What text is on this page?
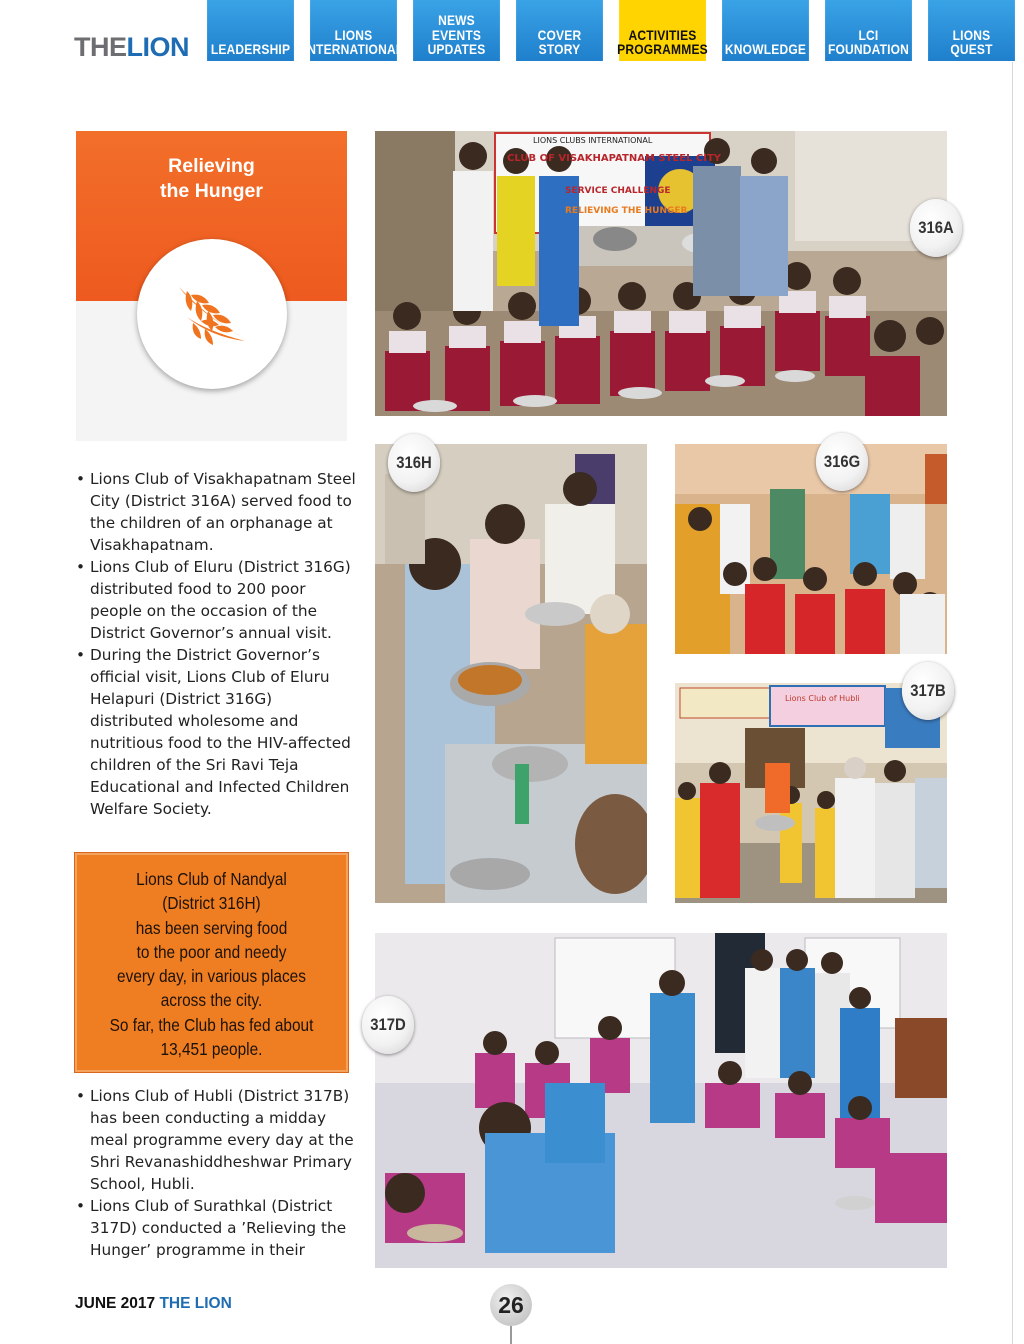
THELION LEADERSHIP
LIONS
INTERNATIONAL
NEWS
EVENTS
UPDATES
COVER STORY
ACTIVITIES
PROGRAMMES KNOWLEDGE
LCI
FOUNDATION
LIONS
QUEST
Relieving
the Hunger
• Lions Club of Visakhapatnam Steel City (District 316A) served food to the children of an orphanage at Visakhapatnam.
• Lions Club of Eluru (District 316G) distributed food to 200 poor people on the occasion of the District Governor’s annual visit.
• During the District Governor’s official visit, Lions Club of Eluru Helapuri (District 316G) distributed wholesome and nutritious food to the HIV-affected children of the Sri Ravi Teja Educational and Infected Children Welfare Society.
Lions Club of Nandyal
(District 316H)
has been serving food
to the poor and needy
every day, in various places
across the city.
So far, the Club has fed about
13,451 people.
• Lions Club of Hubli (District 317B) has been conducting a midday meal programme every day at the Shri Revanashiddheshwar Primary School, Hubli.
• Lions Club of Surathkal (District 317D) conducted a ’Relieving the Hunger’ programme in their
LIONS CLUBS INTERNATIONAL
CLUB OF VISAKHAPATNAM STEEL CITY
SERVICE CHALLENGE
RELIEVING THE HUNGER
316A
316H	316G
Lions Club of Hubli	317B
317D
JUNE 2017 THE LION	26
